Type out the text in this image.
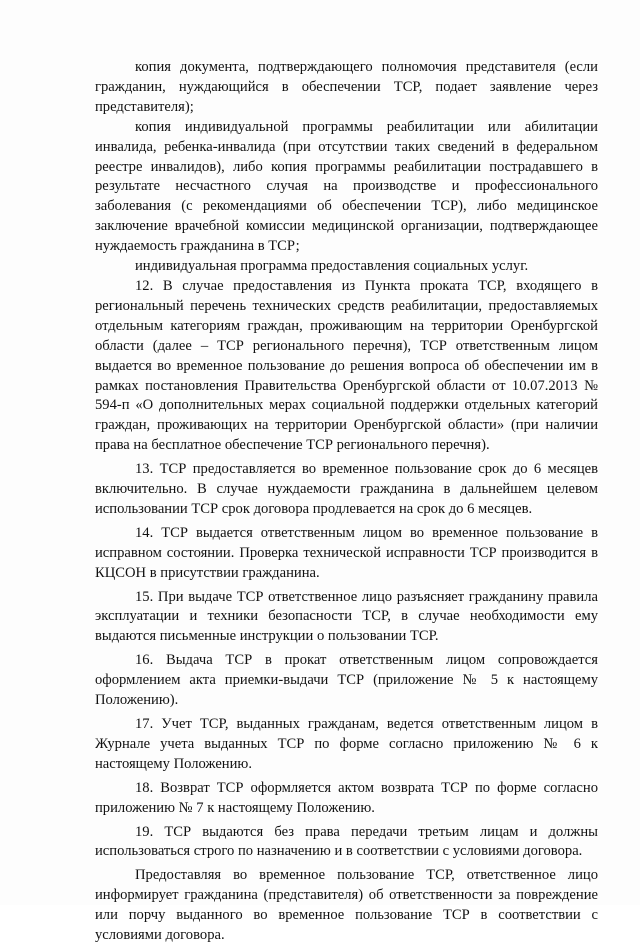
копия документа, подтверждающего полномочия представителя (если гражданин, нуждающийся в обеспечении ТСР, подает заявление через представителя);

копия индивидуальной программы реабилитации или абилитации инвалида, ребенка-инвалида (при отсутствии таких сведений в федеральном реестре инвалидов), либо копия программы реабилитации пострадавшего в результате несчастного случая на производстве и профессионального заболевания (с рекомендациями об обеспечении ТСР), либо медицинское заключение врачебной комиссии медицинской организации, подтверждающее нуждаемость гражданина в ТСР;

индивидуальная программа предоставления социальных услуг.

12. В случае предоставления из Пункта проката ТСР, входящего в региональный перечень технических средств реабилитации, предоставляемых отдельным категориям граждан, проживающим на территории Оренбургской области (далее – ТСР регионального перечня), ТСР ответственным лицом выдается во временное пользование до решения вопроса об обеспечении им в рамках постановления Правительства Оренбургской области от 10.07.2013 № 594-п «О дополнительных мерах социальной поддержки отдельных категорий граждан, проживающих на территории Оренбургской области» (при наличии права на бесплатное обеспечение ТСР регионального перечня).

13. ТСР предоставляется во временное пользование срок до 6 месяцев включительно. В случае нуждаемости гражданина в дальнейшем целевом использовании ТСР срок договора продлевается на срок до 6 месяцев.

14. ТСР выдается ответственным лицом во временное пользование в исправном состоянии. Проверка технической исправности ТСР производится в КЦСОН в присутствии гражданина.

15. При выдаче ТСР ответственное лицо разъясняет гражданину правила эксплуатации и техники безопасности ТСР, в случае необходимости ему выдаются письменные инструкции о пользовании ТСР.

16. Выдача ТСР в прокат ответственным лицом сопровождается оформлением акта приемки-выдачи ТСР (приложение № 5 к настоящему Положению).

17. Учет ТСР, выданных гражданам, ведется ответственным лицом в Журнале учета выданных ТСР по форме согласно приложению № 6 к настоящему Положению.

18. Возврат ТСР оформляется актом возврата ТСР по форме согласно приложению № 7 к настоящему Положению.

19. ТСР выдаются без права передачи третьим лицам и должны использоваться строго по назначению и в соответствии с условиями договора.

Предоставляя во временное пользование ТСР, ответственное лицо информирует гражданина (представителя) об ответственности за повреждение или порчу выданного во временное пользование ТСР в соответствии с условиями договора.
